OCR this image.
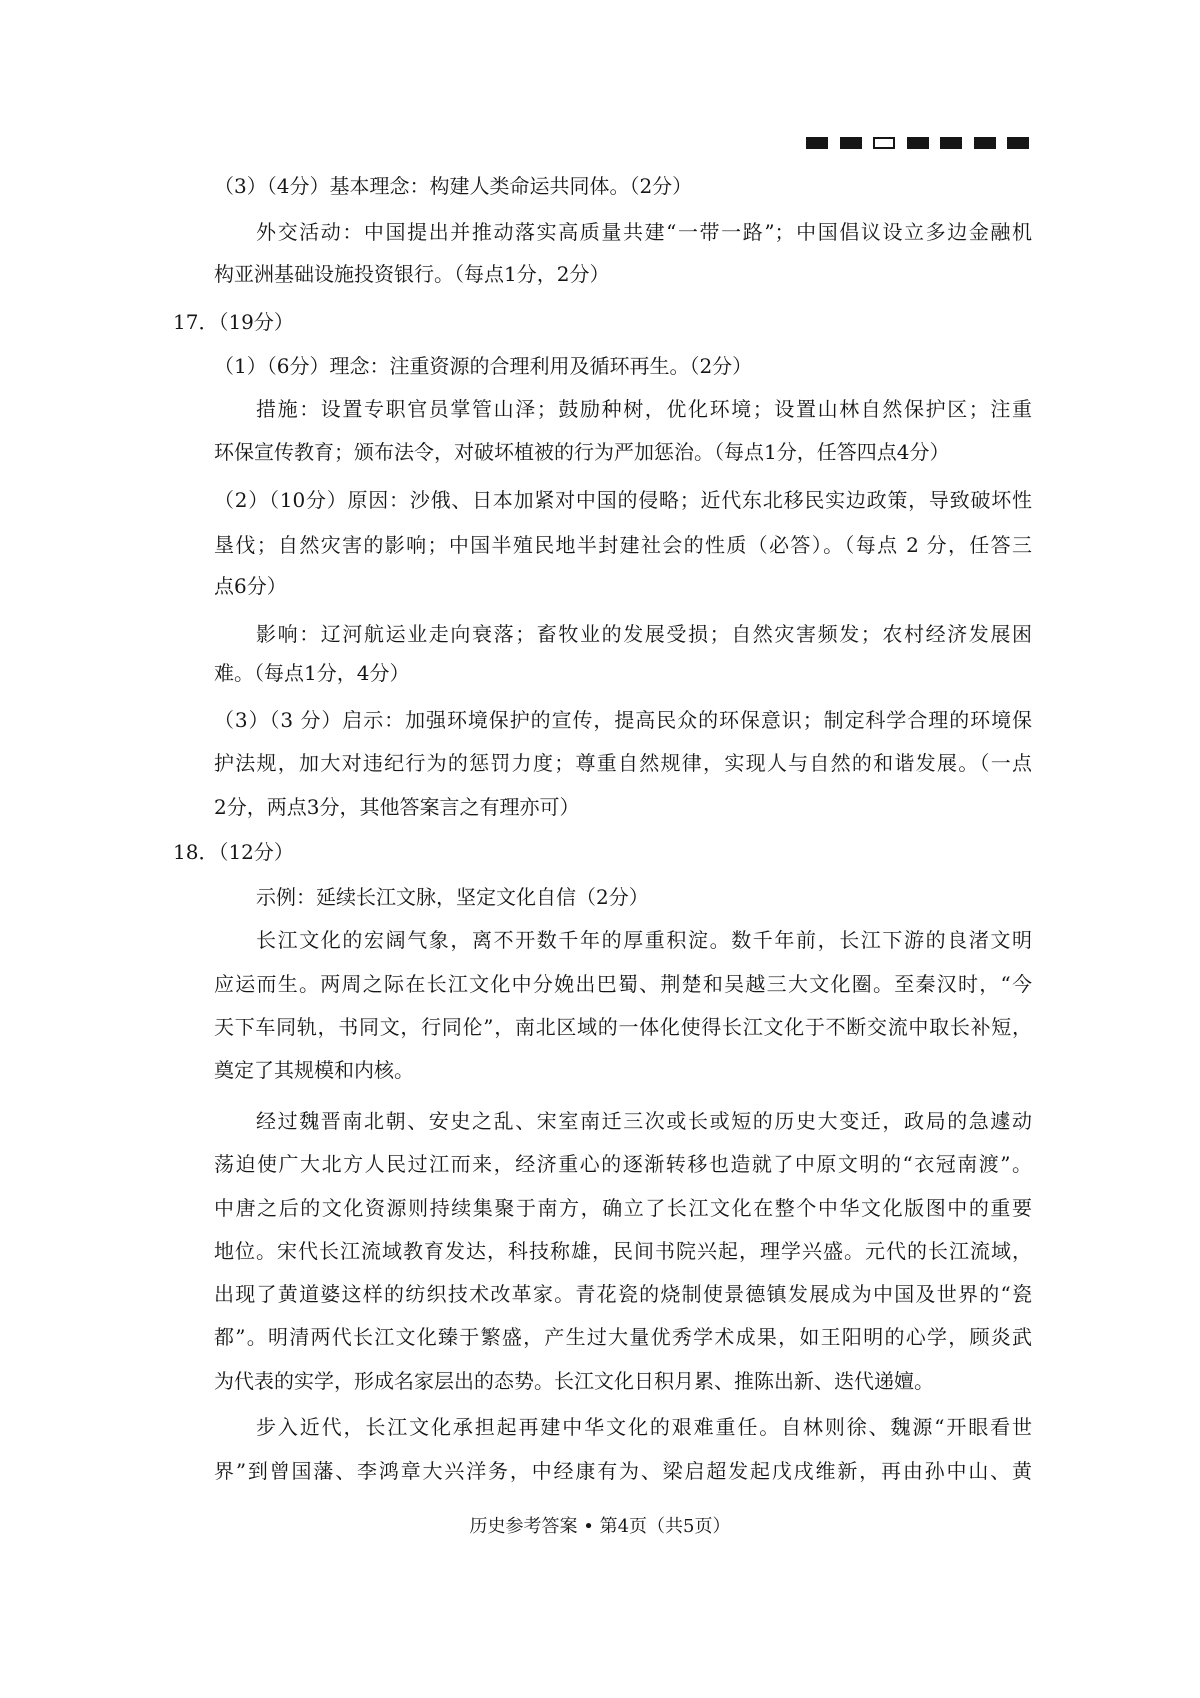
（3）（4分）基本理念：构建人类命运共同体。（2分）
外交活动：中国提出并推动落实高质量共建“一带一路”；中国倡议设立多边金融机
构亚洲基础设施投资银行。（每点1分，2分）
17．（19分）
（1）（6分）理念：注重资源的合理利用及循环再生。（2分）
措施：设置专职官员掌管山泽；鼓励种树，优化环境；设置山林自然保护区；注重
环保宣传教育；颁布法令，对破坏植被的行为严加惩治。（每点1分，任答四点4分）
（2）（10分）原因：沙俄、日本加紧对中国的侵略；近代东北移民实边政策，导致破坏性
垦伐；自然灾害的影响；中国半殖民地半封建社会的性质（必答）。（每点 2 分，任答三
点6分）
影响：辽河航运业走向衰落；畜牧业的发展受损；自然灾害频发；农村经济发展困
难。（每点1分，4分）
（3）（3 分）启示：加强环境保护的宣传，提高民众的环保意识；制定科学合理的环境保
护法规，加大对违纪行为的惩罚力度；尊重自然规律，实现人与自然的和谐发展。（一点
2分，两点3分，其他答案言之有理亦可）
18．（12分）
示例：延续长江文脉，坚定文化自信（2分）
长江文化的宏阔气象，离不开数千年的厚重积淀。数千年前，长江下游的良渚文明
应运而生。两周之际在长江文化中分娩出巴蜀、荆楚和吴越三大文化圈。至秦汉时，“今
天下车同轨，书同文，行同伦”，南北区域的一体化使得长江文化于不断交流中取长补短，
奠定了其规模和内核。
经过魏晋南北朝、安史之乱、宋室南迁三次或长或短的历史大变迁，政局的急遽动
荡迫使广大北方人民过江而来，经济重心的逐渐转移也造就了中原文明的“衣冠南渡”。
中唐之后的文化资源则持续集聚于南方，确立了长江文化在整个中华文化版图中的重要
地位。宋代长江流域教育发达，科技称雄，民间书院兴起，理学兴盛。元代的长江流域，
出现了黄道婆这样的纺织技术改革家。青花瓷的烧制使景德镇发展成为中国及世界的“瓷
都”。明清两代长江文化臻于繁盛，产生过大量优秀学术成果，如王阳明的心学，顾炎武
为代表的实学，形成名家层出的态势。长江文化日积月累、推陈出新、迭代递嬗。
步入近代，长江文化承担起再建中华文化的艰难重任。自林则徐、魏源“开眼看世
界”到曾国藩、李鸿章大兴洋务，中经康有为、梁启超发起戊戌维新，再由孙中山、黄
历史参考答案 • 第4页（共5页）
